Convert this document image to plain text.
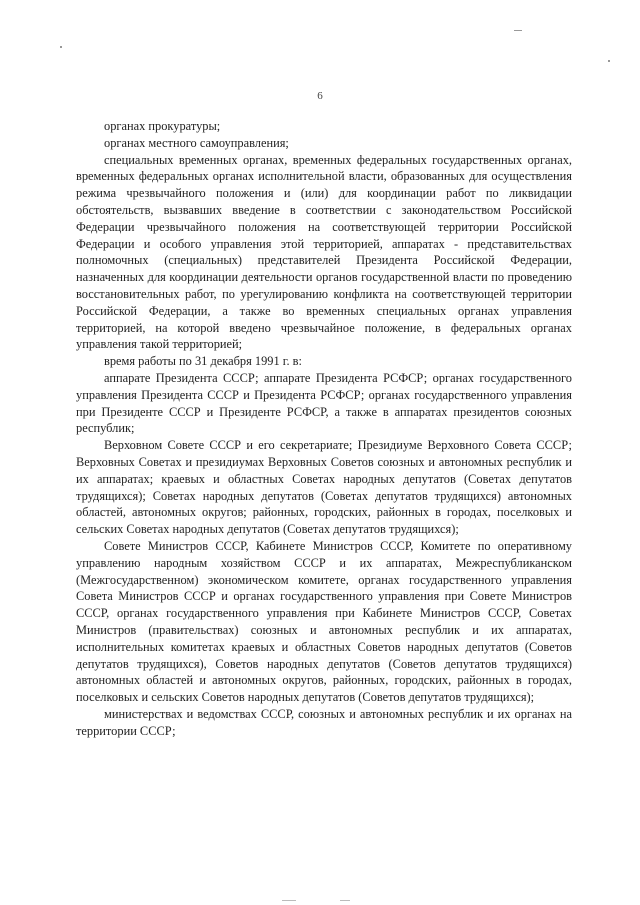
6

органах прокуратуры;

органах местного самоуправления;

специальных временных органах, временных федеральных государственных органах, временных федеральных органах исполнительной власти, образованных для осуществления режима чрезвычайного положения и (или) для координации работ по ликвидации обстоятельств, вызвавших введение в соответствии с законодательством Российской Федерации чрезвычайного положения на соответствующей территории Российской Федерации и особого управления этой территорией, аппаратах - представительствах полномочных (специальных) представителей Президента Российской Федерации, назначенных для координации деятельности органов государственной власти по проведению восстановительных работ, по урегулированию конфликта на соответствующей территории Российской Федерации, а также во временных специальных органах управления территорией, на которой введено чрезвычайное положение, в федеральных органах управления такой территорией;

время работы по 31 декабря 1991 г. в:

аппарате Президента СССР; аппарате Президента РСФСР; органах государственного управления Президента СССР и Президента РСФСР; органах государственного управления при Президенте СССР и Президенте РСФСР, а также в аппаратах президентов союзных республик;

Верховном Совете СССР и его секретариате; Президиуме Верховного Совета СССР; Верховных Советах и президиумах Верховных Советов союзных и автономных республик и их аппаратах; краевых и областных Советах народных депутатов (Советах депутатов трудящихся); Советах народных депутатов (Советах депутатов трудящихся) автономных областей, автономных округов; районных, городских, районных в городах, поселковых и сельских Советах народных депутатов (Советах депутатов трудящихся);

Совете Министров СССР, Кабинете Министров СССР, Комитете по оперативному управлению народным хозяйством СССР и их аппаратах, Межреспубликанском (Межгосударственном) экономическом комитете, органах государственного управления Совета Министров СССР и органах государственного управления при Совете Министров СССР, органах государственного управления при Кабинете Министров СССР, Советах Министров (правительствах) союзных и автономных республик и их аппаратах, исполнительных комитетах краевых и областных Советов народных депутатов (Советов депутатов трудящихся), Советов народных депутатов (Советов депутатов трудящихся) автономных областей и автономных округов, районных, городских, районных в городах, поселковых и сельских Советов народных депутатов (Советов депутатов трудящихся);

министерствах и ведомствах СССР, союзных и автономных республик и их органах на территории СССР;
